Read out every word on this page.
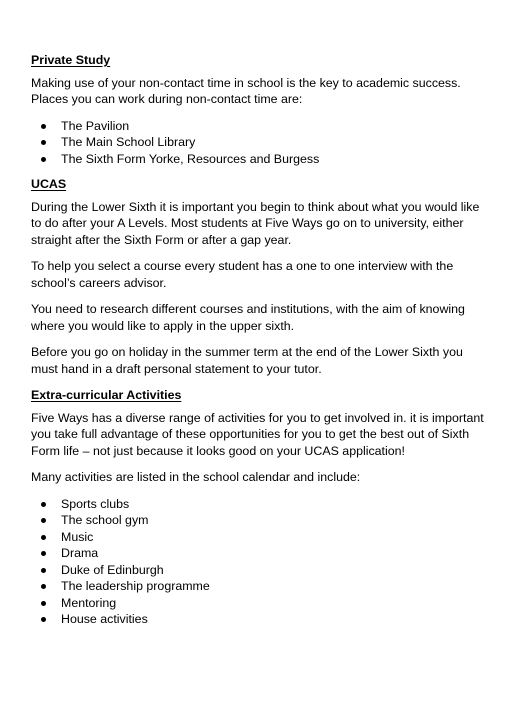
Private Study

Making use of your non-contact time in school is the key to academic success. Places you can work during non-contact time are:

The Pavilion
The Main School Library
The Sixth Form Yorke, Resources and Burgess
UCAS

During the Lower Sixth it is important you begin to think about what you would like to do after your A Levels. Most students at Five Ways go on to university, either straight after the Sixth Form or after a gap year.

To help you select a course every student has a one to one interview with the school’s careers advisor.

You need to research different courses and institutions, with the aim of knowing where you would like to apply in the upper sixth.

Before you go on holiday in the summer term at the end of the Lower Sixth you must hand in a draft personal statement to your tutor.

Extra-curricular Activities

Five Ways has a diverse range of activities for you to get involved in. it is important you take full advantage of these opportunities for you to get the best out of Sixth Form life – not just because it looks good on your UCAS application!

Many activities are listed in the school calendar and include:

Sports clubs
The school gym
Music
Drama
Duke of Edinburgh
The leadership programme
Mentoring
House activities
